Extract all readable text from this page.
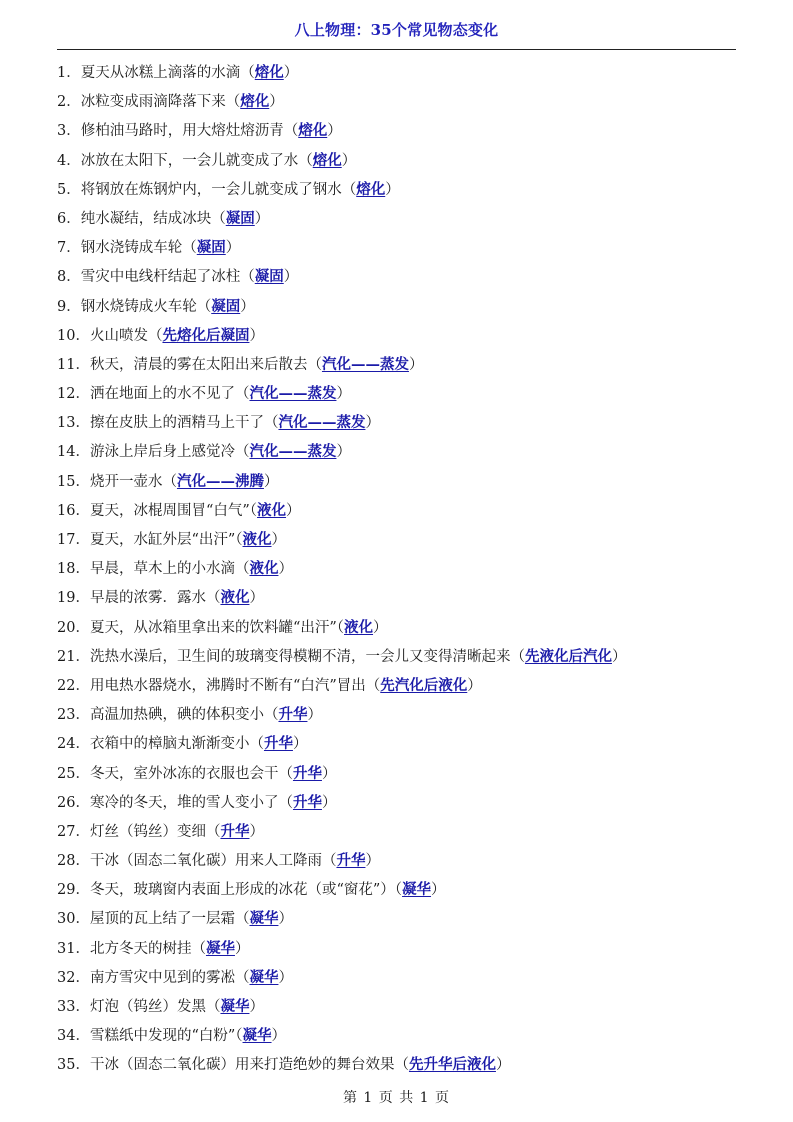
八上物理：35个常见物态变化
1．夏天从冰糕上滴落的水滴（熔化）
2．冰粒变成雨滴降落下来（熔化）
3．修柏油马路时，用大熔灶熔沥青（熔化）
4．冰放在太阳下，一会儿就变成了水（熔化）
5．将钢放在炼钢炉内，一会儿就变成了钢水（熔化）
6．纯水凝结，结成冰块（凝固）
7．钢水浇铸成车轮（凝固）
8．雪灾中电线杆结起了冰柱（凝固）
9．钢水烧铸成火车轮（凝固）
10．火山喷发（先熔化后凝固）
11．秋天，清晨的雾在太阳出来后散去（汽化——蒸发）
12．洒在地面上的水不见了（汽化——蒸发）
13．擦在皮肤上的酒精马上干了（汽化——蒸发）
14．游泳上岸后身上感觉冷（汽化——蒸发）
15．烧开一壶水（汽化——沸腾）
16．夏天，冰棍周围冒“白气”（液化）
17．夏天，水缸外层“出汗”（液化）
18．早晨，草木上的小水滴（液化）
19．早晨的浓雾．露水（液化）
20．夏天，从冰箱里拿出来的饮料罐“出汗”（液化）
21．洗热水澡后，卫生间的玻璃变得模糊不清，一会儿又变得清晰起来（先液化后汽化）
22．用电热水器烧水，沸腾时不断有“白汽”冒出（先汽化后液化）
23．高温加热碘，碘的体积变小（升华）
24．衣箱中的樟脑丸渐渐变小（升华）
25．冬天，室外冰冻的衣服也会干（升华）
26．寒冷的冬天，堆的雪人变小了（升华）
27．灯丝（钨丝）变细（升华）
28．干冰（固态二氧化碳）用来人工降雨（升华）
29．冬天，玻璃窗内表面上形成的冰花（或“窗花”）（凝华）
30．屋顶的瓦上结了一层霜（凝华）
31．北方冬天的树挂（凝华）
32．南方雪灾中见到的雾凇（凝华）
33．灯泡（钨丝）发黑（凝华）
34．雪糕纸中发现的“白粉”（凝华）
35．干冰（固态二氧化碳）用来打造绝妙的舞台效果（先升华后液化）
第 1 页 共 1 页
